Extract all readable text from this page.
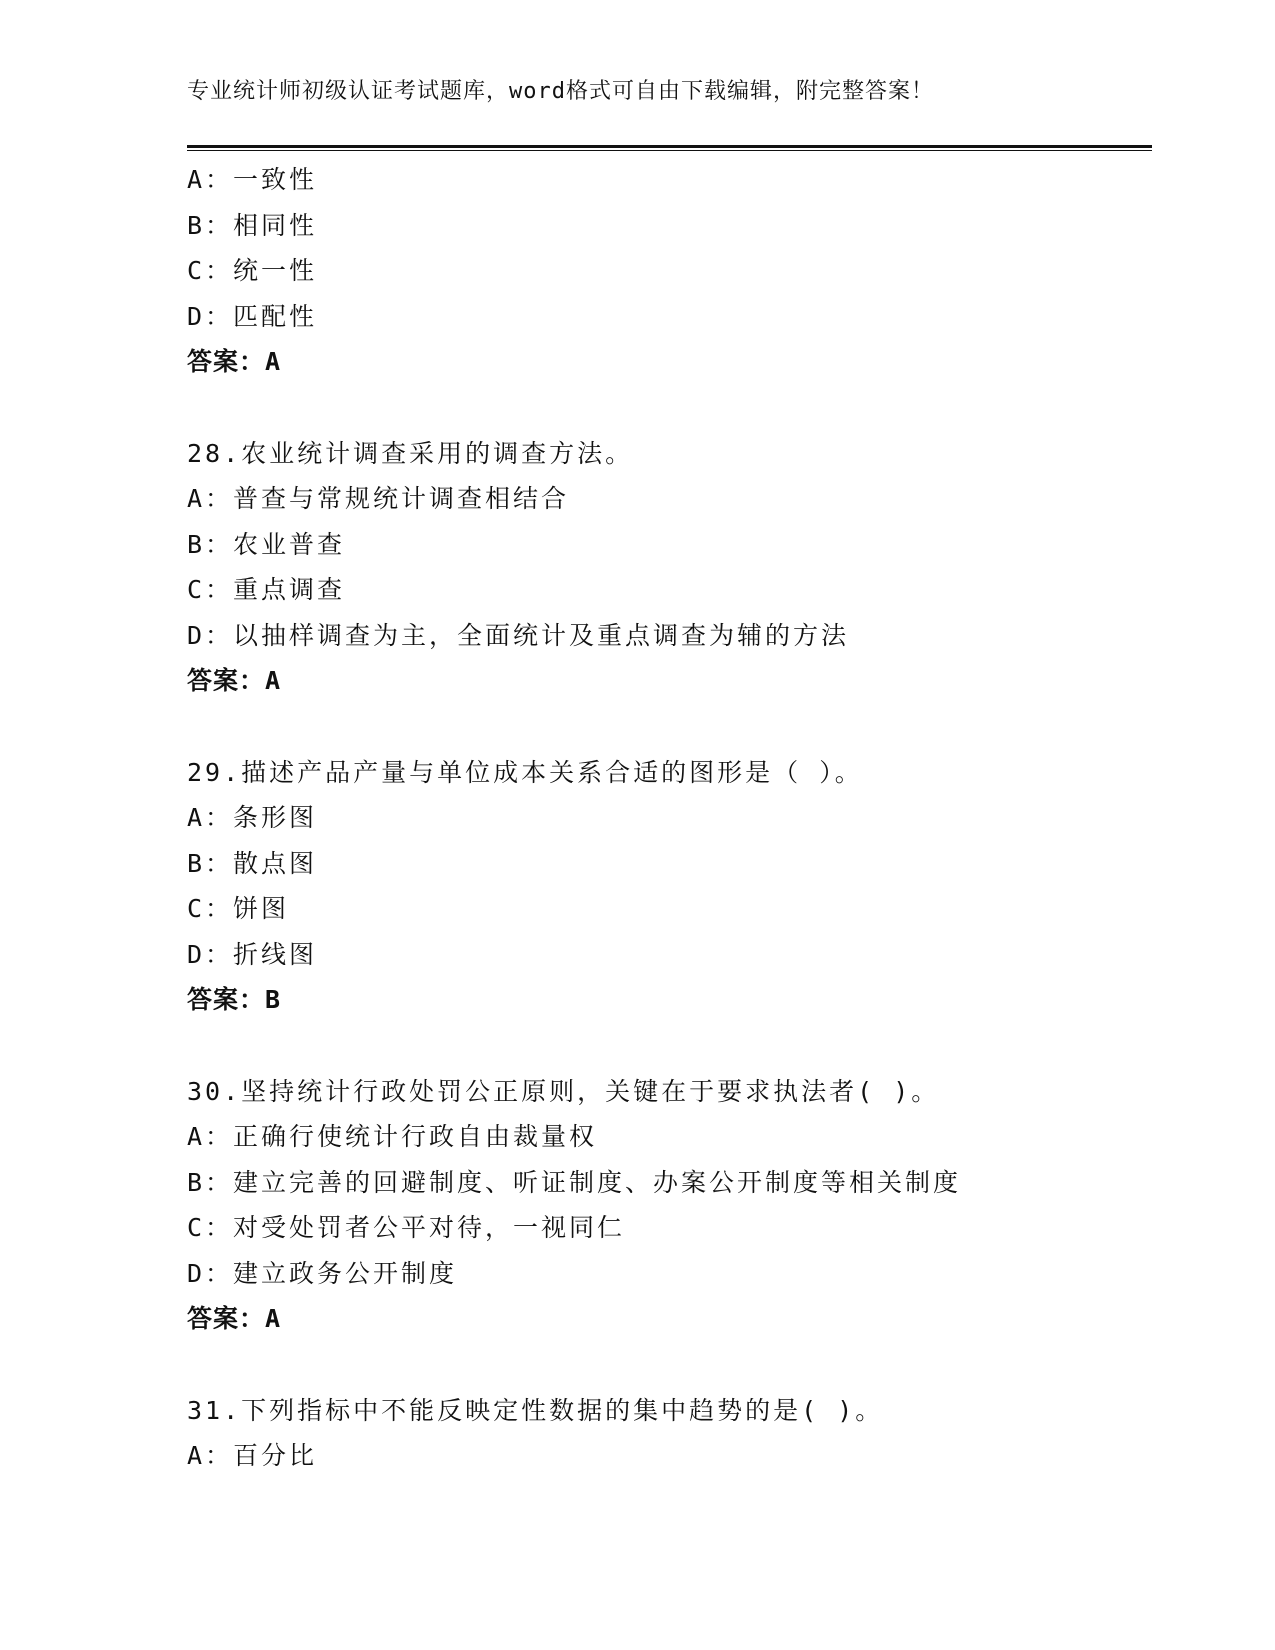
专业统计师初级认证考试题库，word格式可自由下载编辑，附完整答案！
A：一致性
B：相同性
C：统一性
D：匹配性
答案：A
28.农业统计调查采用的调查方法。
A：普查与常规统计调查相结合
B：农业普查
C：重点调查
D：以抽样调查为主，全面统计及重点调查为辅的方法
答案：A
29.描述产品产量与单位成本关系合适的图形是（ ）。
A：条形图
B：散点图
C：饼图
D：折线图
答案：B
30.坚持统计行政处罚公正原则，关键在于要求执法者( )。
A：正确行使统计行政自由裁量权
B：建立完善的回避制度、听证制度、办案公开制度等相关制度
C：对受处罚者公平对待，一视同仁
D：建立政务公开制度
答案：A
31.下列指标中不能反映定性数据的集中趋势的是( )。
A：百分比
